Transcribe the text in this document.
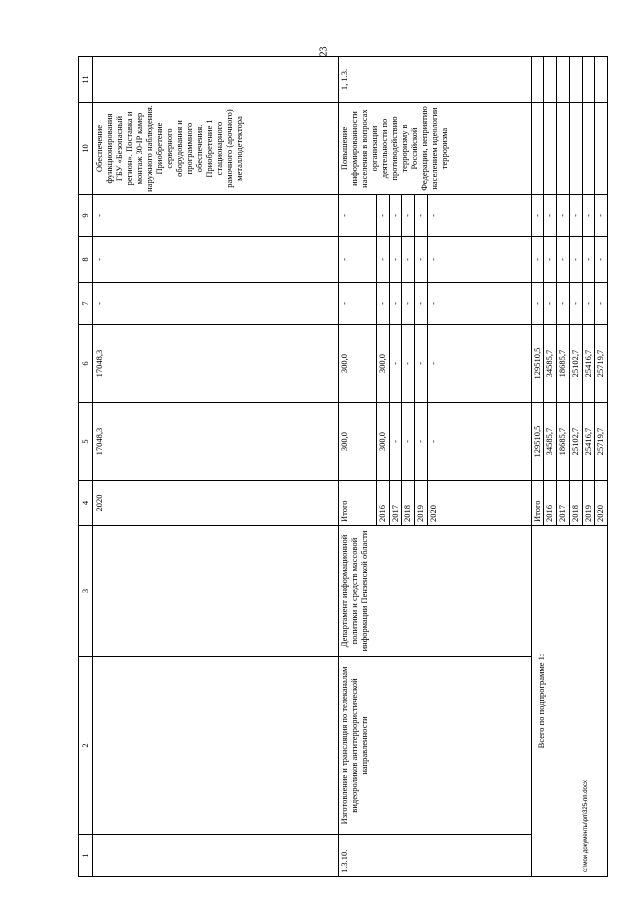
23
1	2	3	4	5	6	7	8	9	10	11
			2020	17048,3	17048,3	-	-	-	Обеспечение функционирования ГБУ «Безопасный регион». Поставка и монтаж 30-IP камер наружного наблюдения. Приобретение серверного оборудования и программного обеспечения. Приобретение 1 стационарного рамочного (арочного) металлодетектора	
1.3.10.	Изготовление и трансляция по телеканалам видеороликов антитеррористической направленности	Департамент информационной политики и средств массовой информации Пензенской области	Итого	300,0	300,0	-	-	-	Повышение информированности населения в вопросах организации деятельности по противодействию терроризму в Российской Федерации, неприятию населением идеологии терроризма	1, 1.3.
			2016	300,0	300,0	-	-	-		
			2017	-	-	-	-	-		
			2018	-	-	-	-	-		
			2019	-	-	-	-	-		
			2020	-	-	-	-	-		
Всего по подпрограмме 1:			Итого	129510,5	129510,5	-	-	-		
			2016	34585,7	34585,7	-	-	-		
			2017	18685,7	18685,7	-	-	-		
			2018	25102,7	25102,7	-	-	-		
			2019	25416,7	25416,7	-	-	-		
			2020	25719,7	25719,7	-	-	-		
c:\мои документы\рп\325-пп.docx
